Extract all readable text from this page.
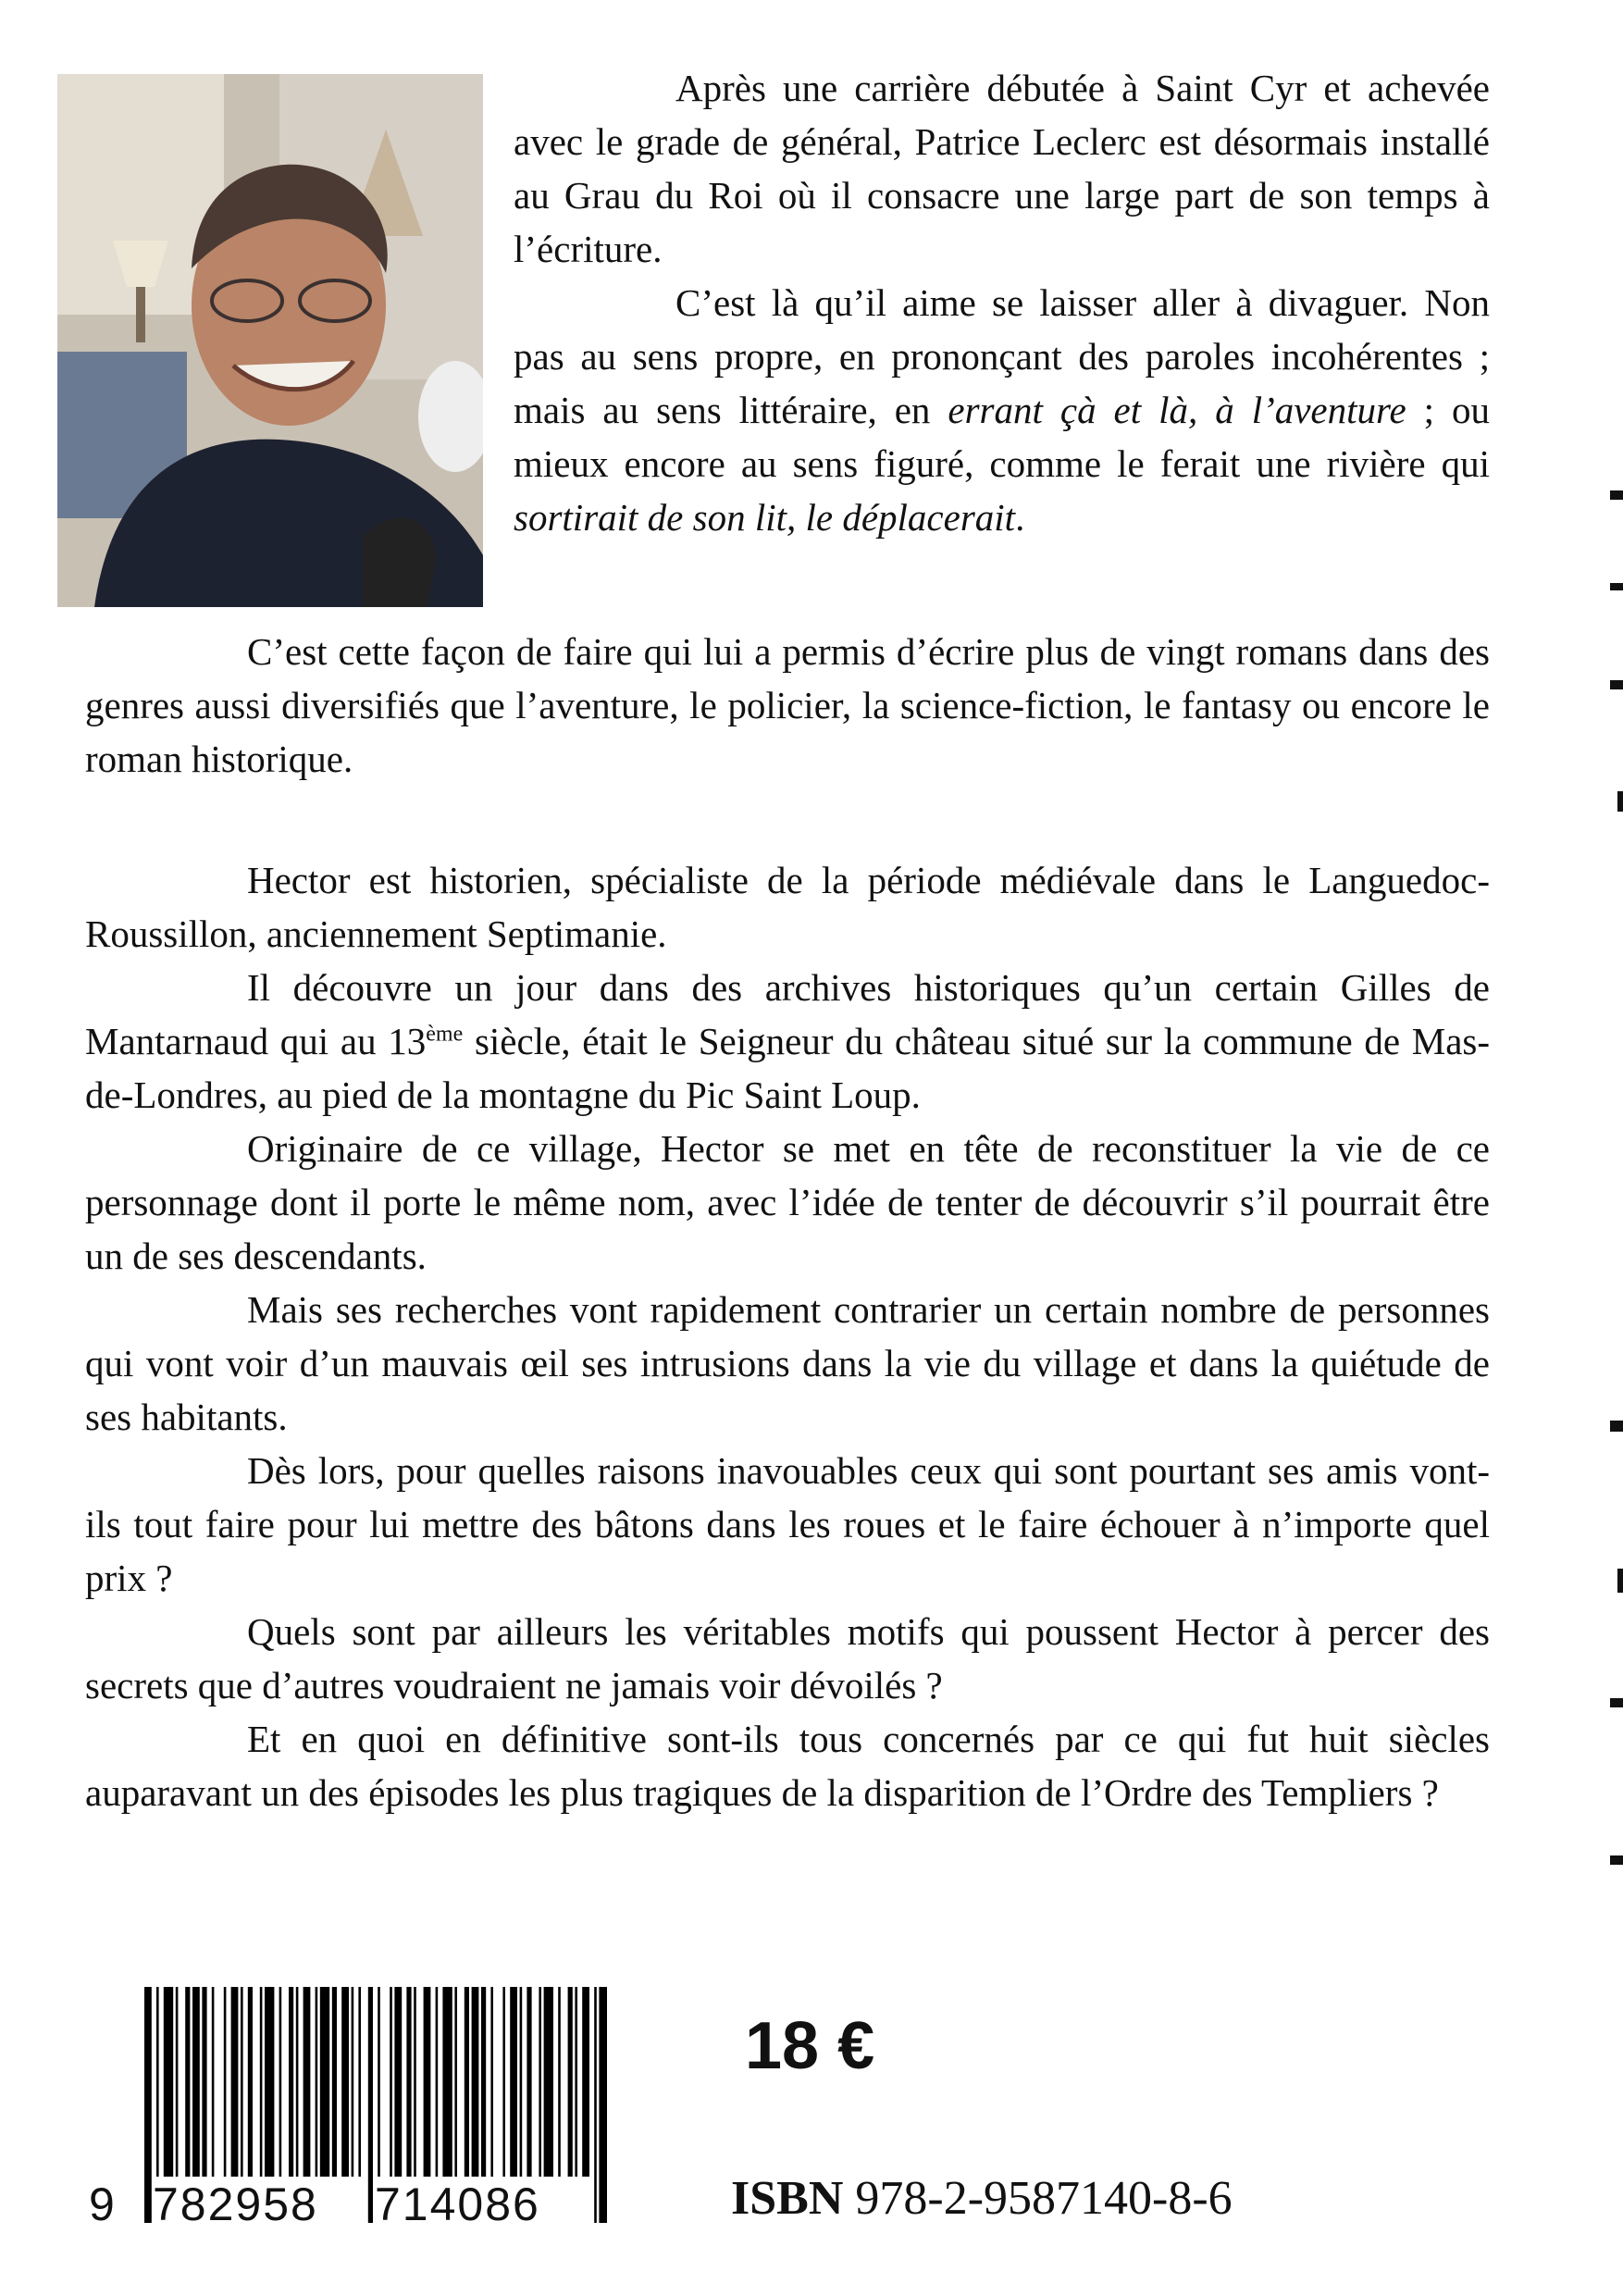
Après une carrière débutée à Saint Cyr et achevée avec le grade de général, Patrice Leclerc est désormais installé au Grau du Roi où il consacre une large part de son temps à l’écriture.

C’est là qu’il aime se laisser aller à divaguer. Non pas au sens propre, en prononçant des paroles incohérentes ; mais au sens littéraire, en errant çà et là, à l’aventure ; ou mieux encore au sens figuré, comme le ferait une rivière qui sortirait de son lit, le déplacerait.

C’est cette façon de faire qui lui a permis d’écrire plus de vingt romans dans des genres aussi diversifiés que l’aventure, le policier, la science-fiction, le fantasy ou encore le roman historique.

Hector est historien, spécialiste de la période médiévale dans le Languedoc-Roussillon, anciennement Septimanie.

Il découvre un jour dans des archives historiques qu’un certain Gilles de Mantarnaud qui au 13ème siècle, était le Seigneur du château situé sur la commune de Mas-de-Londres, au pied de la montagne du Pic Saint Loup.

Originaire de ce village, Hector se met en tête de reconstituer la vie de ce personnage dont il porte le même nom, avec l’idée de tenter de découvrir s’il pourrait être un de ses descendants.

Mais ses recherches vont rapidement contrarier un certain nombre de personnes qui vont voir d’un mauvais œil ses intrusions dans la vie du village et dans la quiétude de ses habitants.

Dès lors, pour quelles raisons inavouables ceux qui sont pourtant ses amis vont-ils tout faire pour lui mettre des bâtons dans les roues et le faire échouer à n’importe quel prix ?

Quels sont par ailleurs les véritables motifs qui poussent Hector à percer des secrets que d’autres voudraient ne jamais voir dévoilés ?

Et en quoi en définitive sont-ils tous concernés par ce qui fut huit siècles auparavant un des épisodes les plus tragiques de la disparition de l’Ordre des Templiers ?

9 782958 714086
18 €
ISBN 978-2-9587140-8-6
